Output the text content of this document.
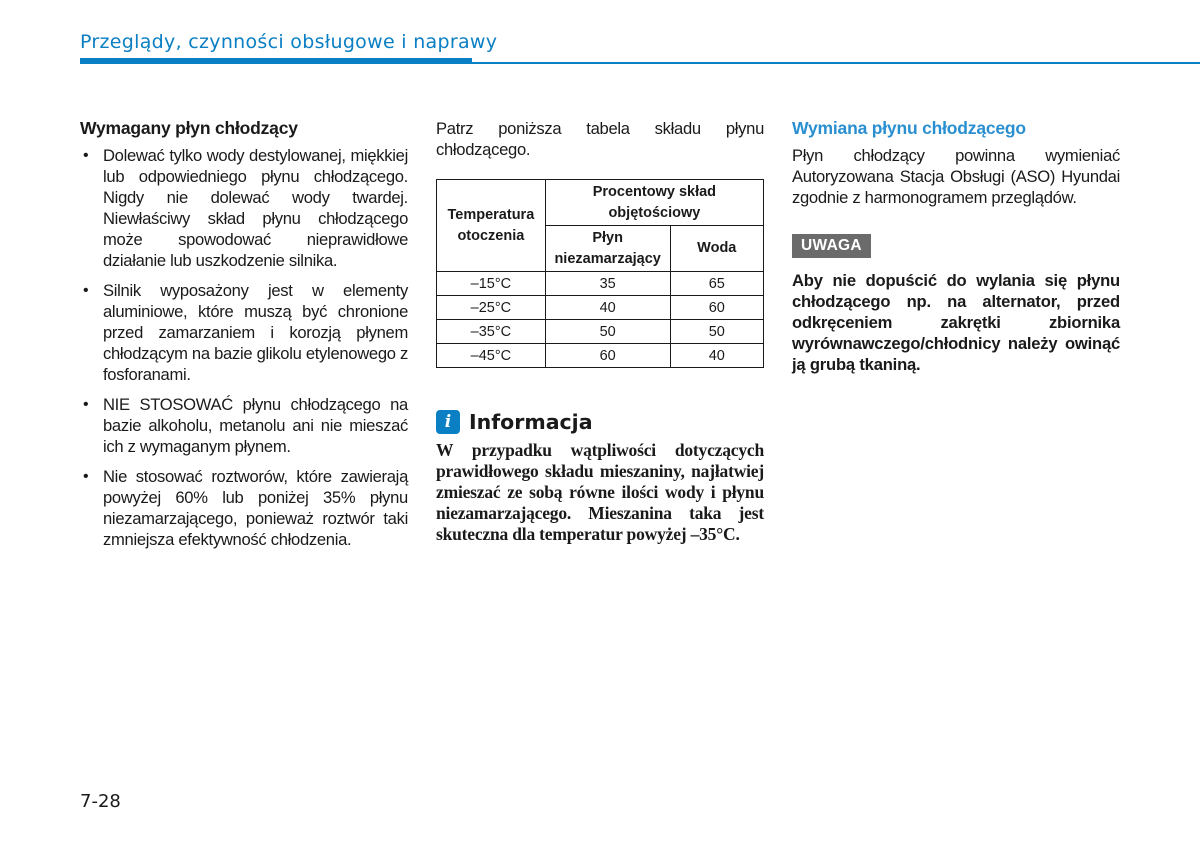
Przeglądy, czynności obsługowe i naprawy
Wymagany płyn chłodzący
• Dolewać tylko wody destylowanej, miękkiej lub odpowiedniego płynu chłodzącego. Nigdy nie dolewać wody twardej. Niewłaściwy skład płynu chłodzącego może spowodować nieprawidłowe działanie lub uszkodzenie silnika.
• Silnik wyposażony jest w elementy aluminiowe, które muszą być chronione przed zamarzaniem i korozją płynem chłodzącym na bazie glikolu etylenowego z fosforanami.
• NIE STOSOWAĆ płynu chłodzącego na bazie alkoholu, metanolu ani nie mieszać ich z wymaganym płynem.
• Nie stosować roztworów, które zawierają powyżej 60% lub poniżej 35% płynu niezamarzającego, ponieważ roztwór taki zmniejsza efektywność chłodzenia.

Patrz poniższa tabela składu płynu chłodzącego.

Temperatura otoczenia	Procentowy skład objętościowy	
	Płyn niezamarzający	Woda
–15°C	35	65
–25°C	40	60
–35°C	50	50
–45°C	60	40
i Informacja

W przypadku wątpliwości dotyczących prawidłowego składu mieszaniny, najłatwiej zmieszać ze sobą równe ilości wody i płynu niezamarzającego. Mieszanina taka jest skuteczna dla temperatur powyżej –35°C.

Wymiana płynu chłodzącego

Płyn chłodzący powinna wymieniać Autoryzowana Stacja Obsługi (ASO) Hyundai zgodnie z harmonogramem przeglądów.

UWAGA

Aby nie dopuścić do wylania się płynu chłodzącego np. na alternator, przed odkręceniem zakrętki zbiornika wyrównawczego/chłodnicy należy owinąć ją grubą tkaniną.

7-28
